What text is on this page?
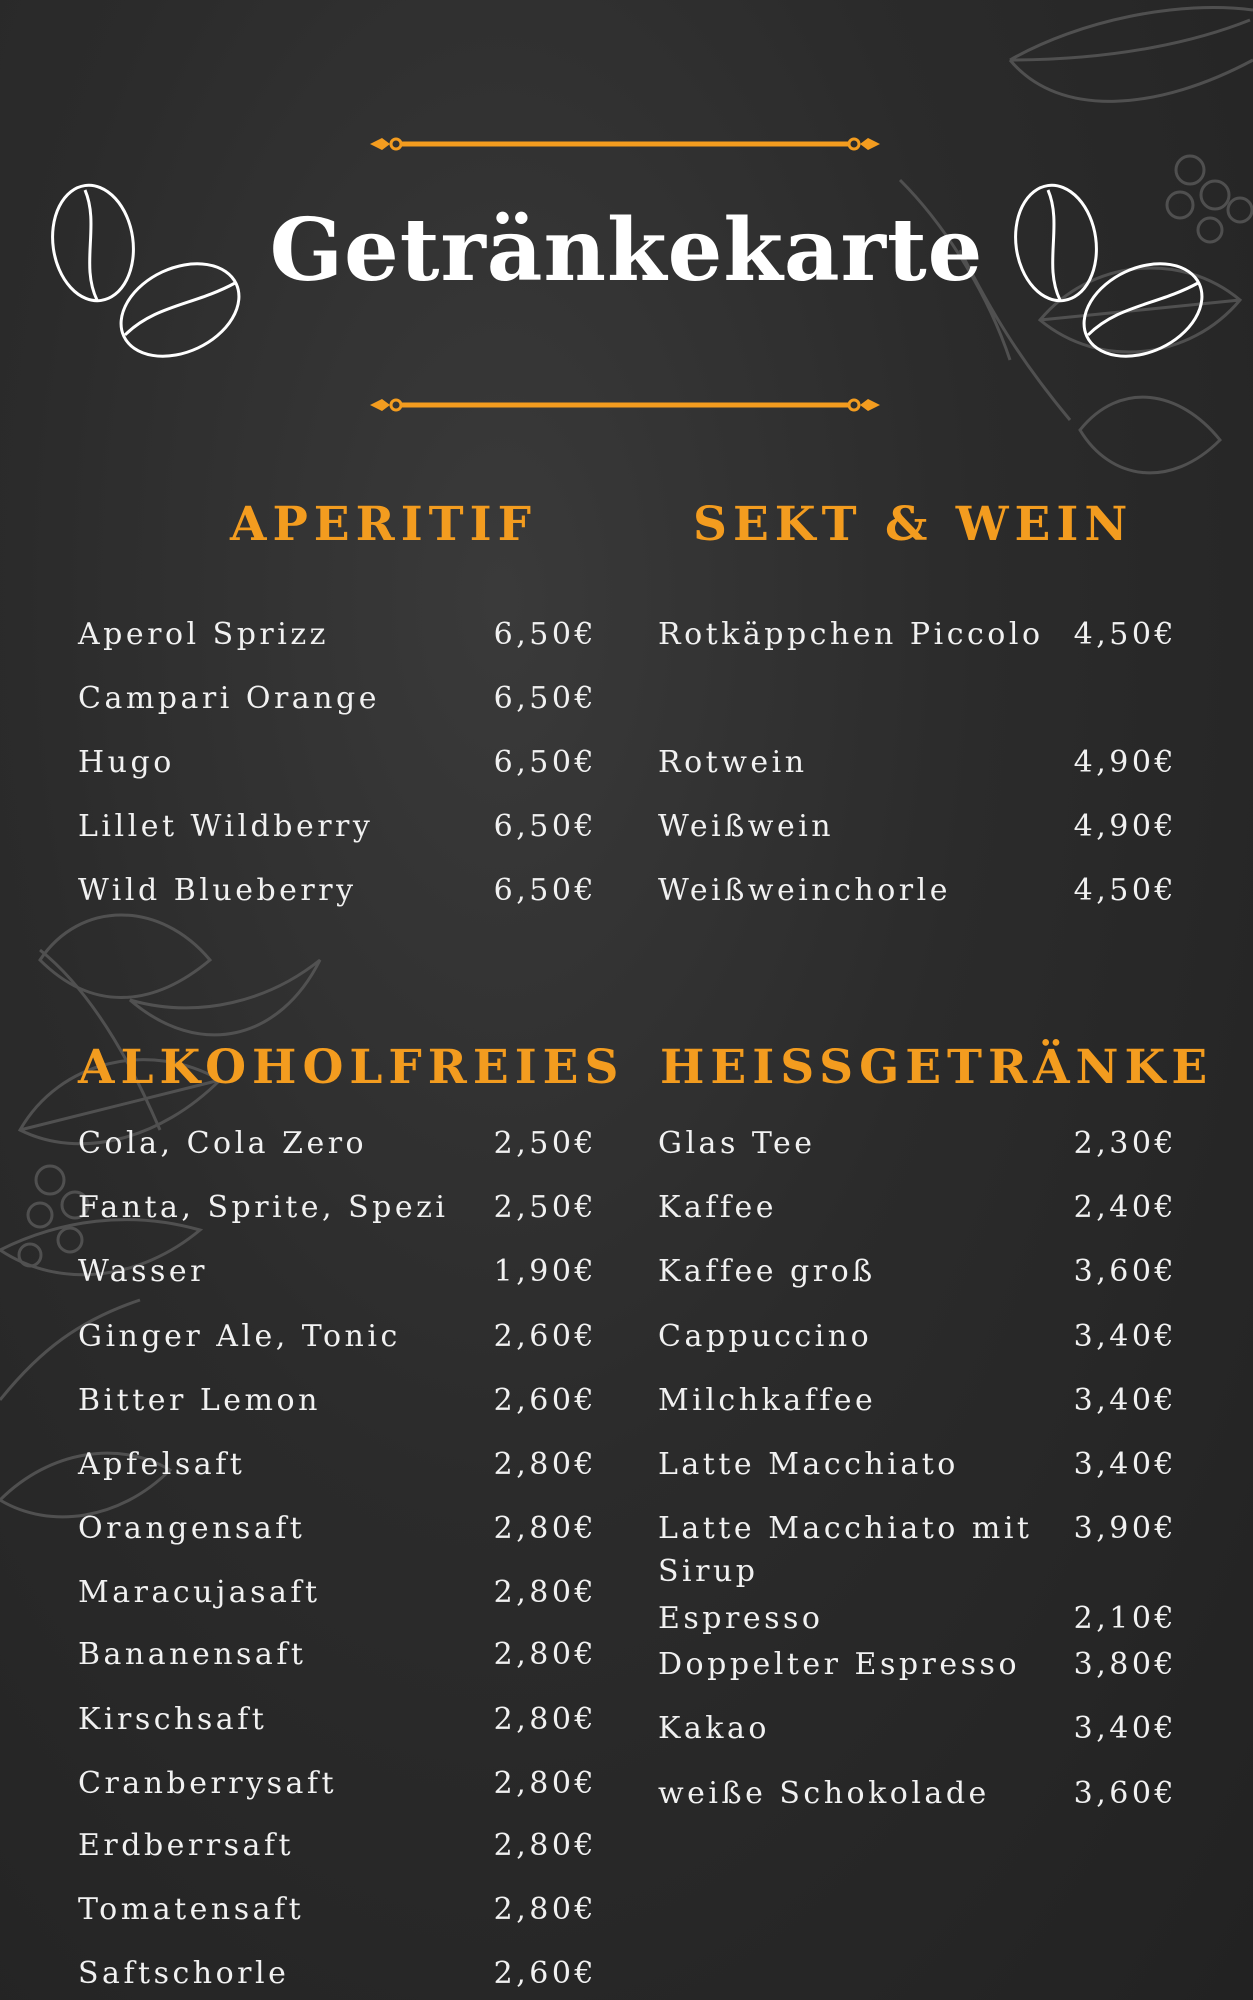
Getränkekarte
APERITIF	SEKT & WEIN
ALKOHOLFREIES HEISSGETRÄNKE
Aperol Sprizz	6,50€
Campari Orange	6,50€
Hugo	6,50€
Lillet Wildberry	6,50€
Wild Blueberry	6,50€
Rotkäppchen Piccolo	4,50€
Rotwein	4,90€
Weißwein	4,90€
Weißweinchorle	4,50€
Cola, Cola Zero	2,50€
Fanta, Sprite, Spezi	2,50€
Wasser	1,90€
Ginger Ale, Tonic	2,60€
Bitter Lemon	2,60€
Apfelsaft	2,80€
Orangensaft	2,80€
Maracujasaft	2,80€
Bananensaft	2,80€
Kirschsaft	2,80€
Cranberrysaft	2,80€
Erdberrsaft	2,80€
Tomatensaft	2,80€
Saftschorle	2,60€
Glas Tee	2,30€
Kaffee	2,40€
Kaffee groß	3,60€
Cappuccino	3,40€
Milchkaffee	3,40€
Latte Macchiato	3,40€
Latte Macchiato mit
Sirup
3,90€
Espresso	2,10€
Doppelter Espresso	3,80€
Kakao	3,40€
weiße Schokolade	3,60€
